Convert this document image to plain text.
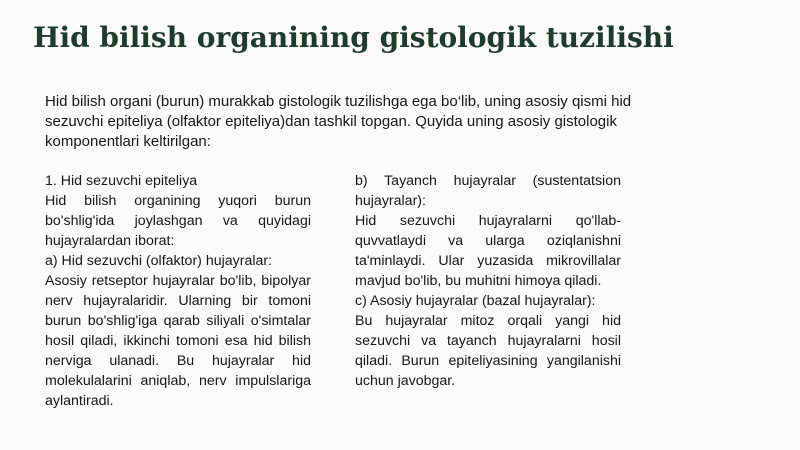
Hid bilish organining gistologik tuzilishi

Hid bilish organi (burun) murakkab gistologik tuzilishga ega bo‘lib, uning asosiy qismi hid sezuvchi epiteliya (olfaktor epiteliya)dan tashkil topgan. Quyida uning asosiy gistologik komponentlari keltirilgan:

1. Hid sezuvchi epiteliya

Hid bilish organining yuqori burun bo'shlig'ida joylashgan va quyidagi hujayralardan iborat:

a) Hid sezuvchi (olfaktor) hujayralar:

Asosiy retseptor hujayralar bo'lib, bipolyar nerv hujayralaridir. Ularning bir tomoni burun bo'shlig'iga qarab siliyali o'simtalar hosil qiladi, ikkinchi tomoni esa hid bilish nerviga ulanadi. Bu hujayralar hid molekulalarini aniqlab, nerv impulslariga aylantiradi.

b) Tayanch hujayralar (sustentatsion hujayralar):

Hid sezuvchi hujayralarni qo'llab-quvvatlaydi va ularga oziqlanishni ta'minlaydi. Ular yuzasida mikrovillalar mavjud bo'lib, bu muhitni himoya qiladi.

c) Asosiy hujayralar (bazal hujayralar):

Bu hujayralar mitoz orqali yangi hid sezuvchi va tayanch hujayralarni hosil qiladi. Burun epiteliyasining yangilanishi uchun javobgar.
